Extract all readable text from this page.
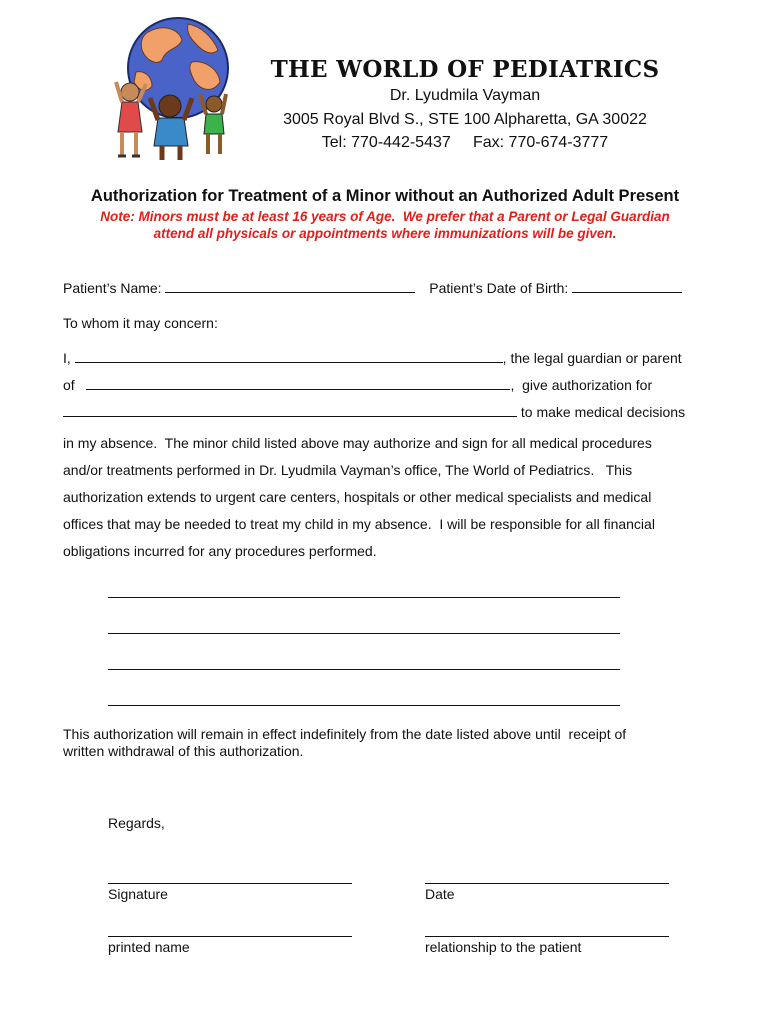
THE WORLD OF PEDIATRICS
Dr. Lyudmila Vayman
3005 Royal Blvd S., STE 100 Alpharetta, GA 30022
Tel: 770-442-5437     Fax: 770-674-3777
Authorization for Treatment of a Minor without an Authorized Adult Present
Note: Minors must be at least 16 years of Age.  We prefer that a Parent or Legal Guardian
attend all physicals or appointments where immunizations will be given.
Patient’s Name:	Patient’s Date of Birth:
To whom it may concern:
I,	, the legal guardian or parent
of	,  give authorization for
to make medical decisions
in my absence.  The minor child listed above may authorize and sign for all medical procedures
and/or treatments performed in Dr. Lyudmila Vayman’s office, The World of Pediatrics.   This
authorization extends to urgent care centers, hospitals or other medical specialists and medical
offices that may be needed to treat my child in my absence.  I will be responsible for all financial
obligations incurred for any procedures performed.
This authorization will remain in effect indefinitely from the date listed above until  receipt of
written withdrawal of this authorization.
Regards,
Signature	Date
printed name	relationship to the patient
